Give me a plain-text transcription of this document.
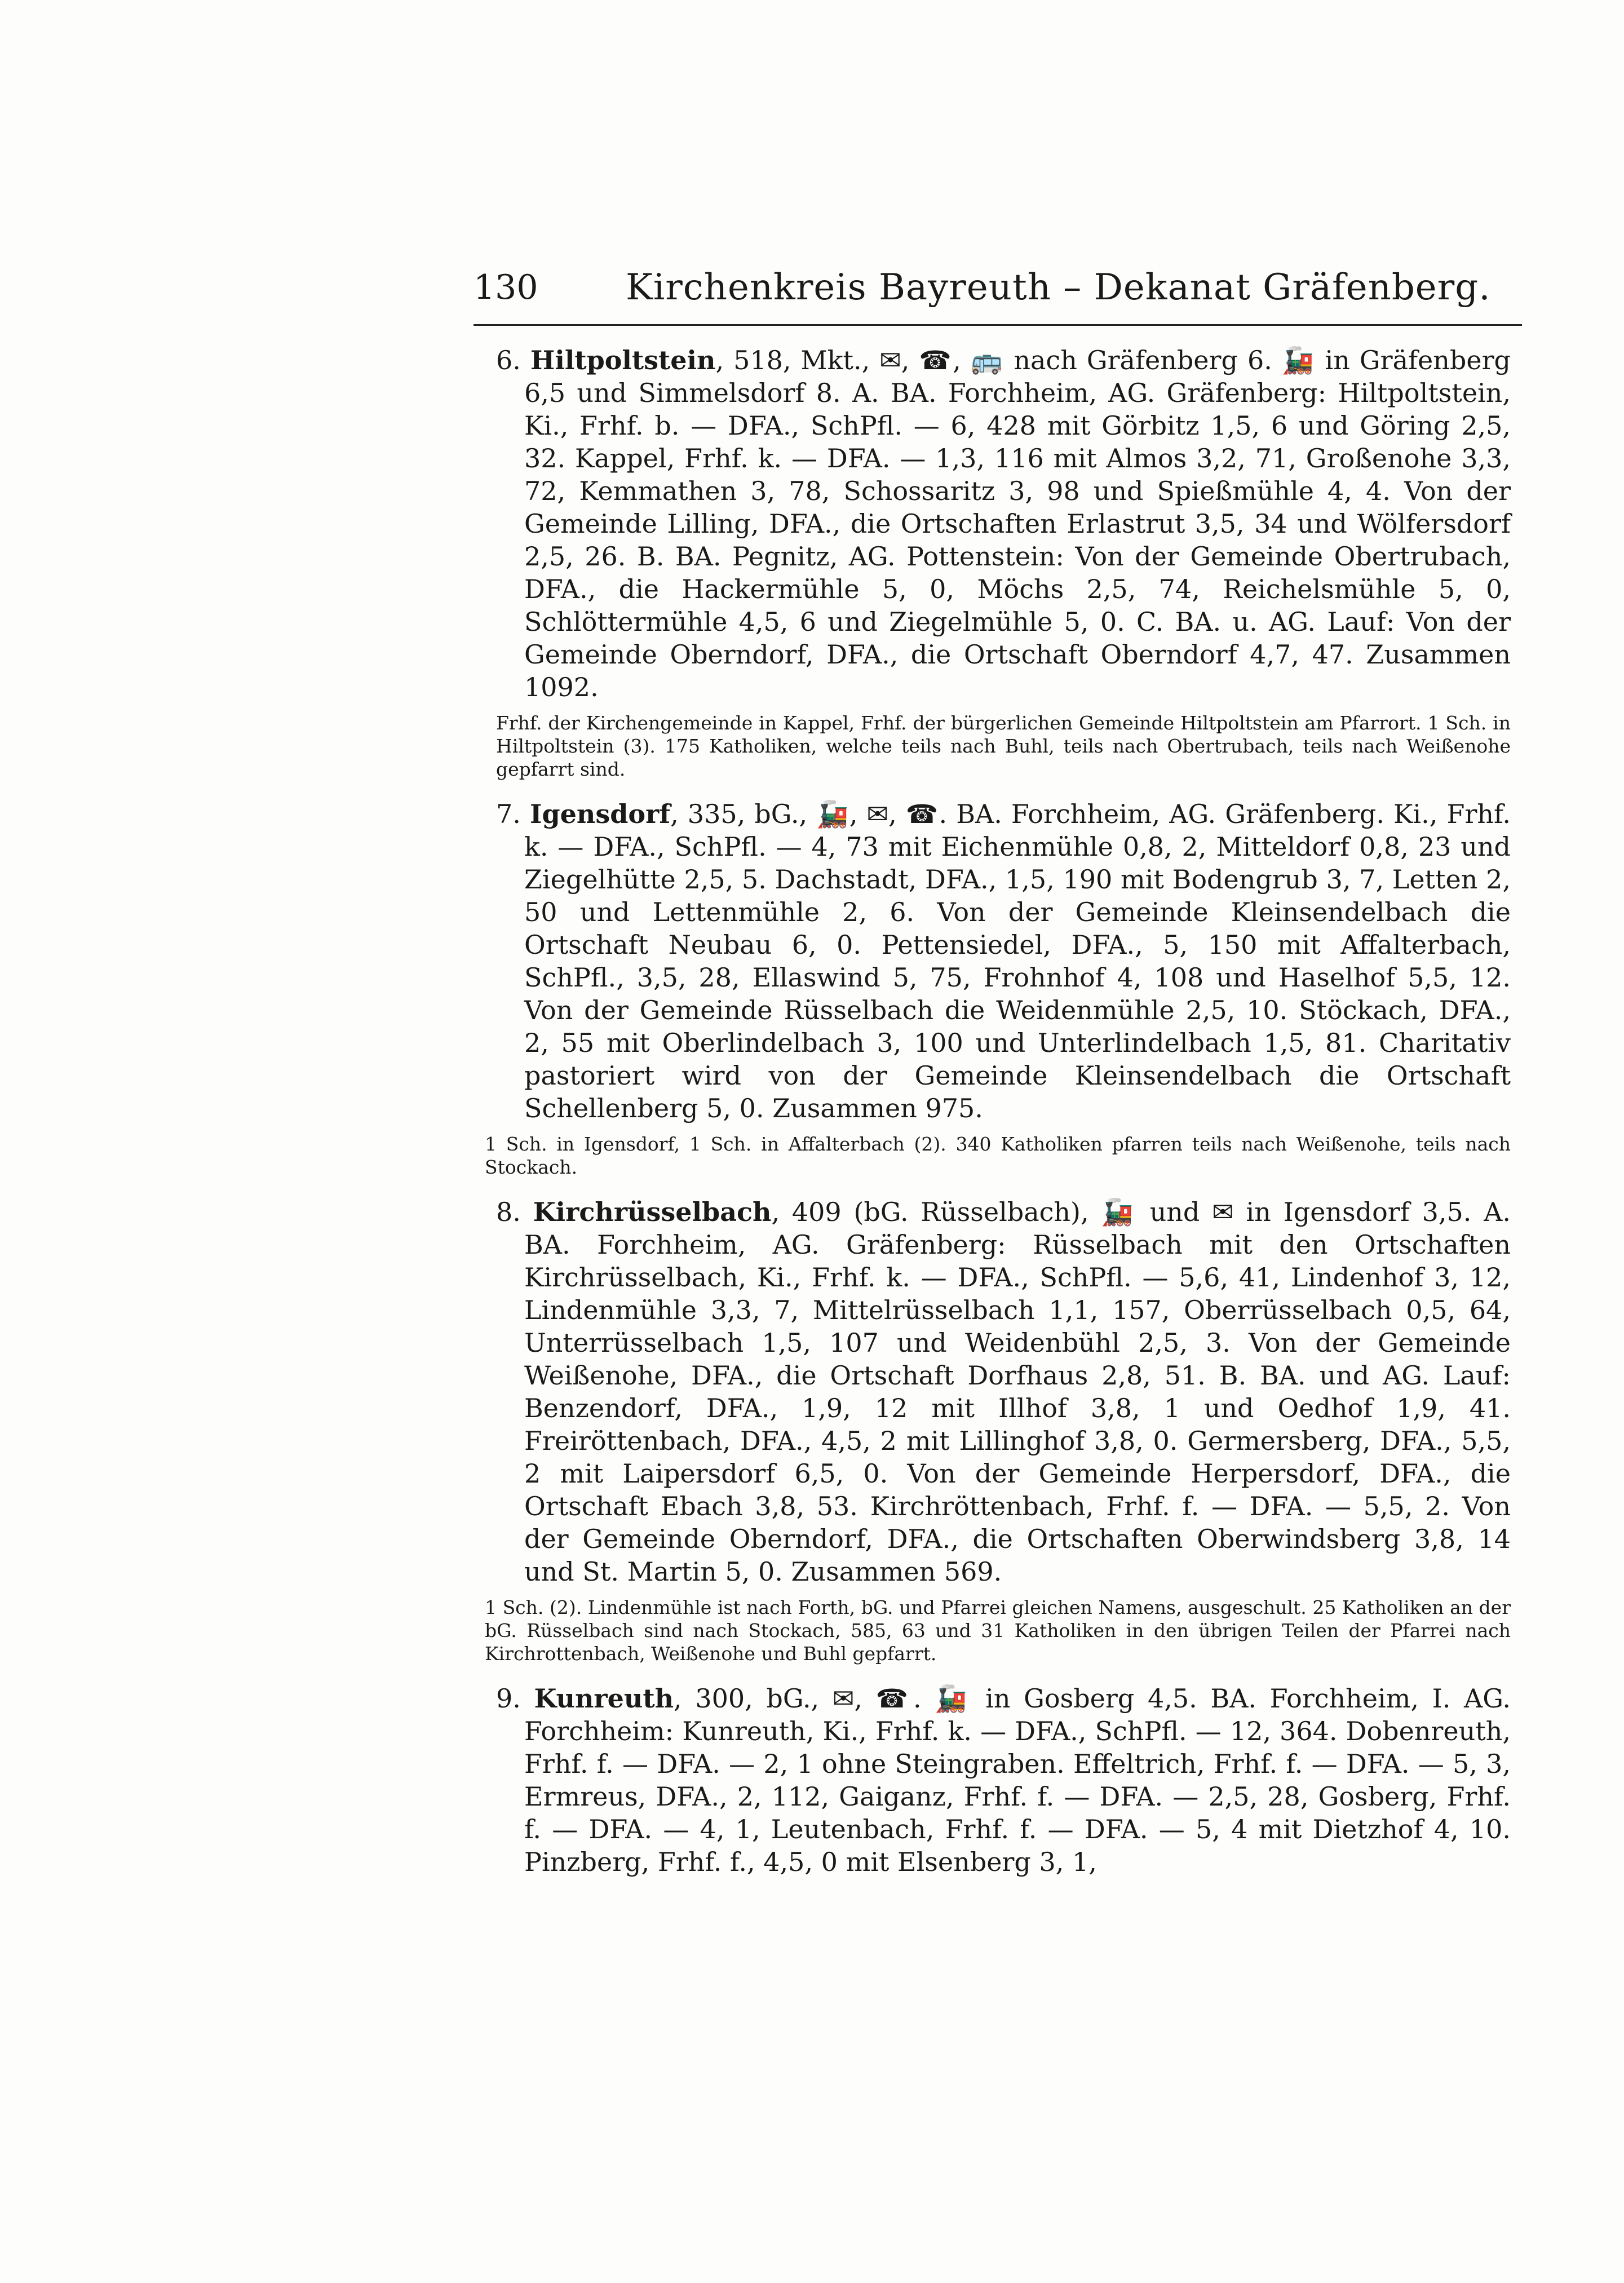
130 Kirchenkreis Bayreuth – Dekanat Gräfenberg.

6. Hiltpoltstein, 518, Mkt., ✉, ☎, 🚌 nach Gräfenberg 6. 🚂 in Gräfenberg 6,5 und Simmelsdorf 8. A. BA. Forchheim, AG. Gräfenberg: Hiltpoltstein, Ki., Frhf. b. — DFA., SchPfl. — 6, 428 mit Görbitz 1,5, 6 und Göring 2,5, 32. Kappel, Frhf. k. — DFA. — 1,3, 116 mit Almos 3,2, 71, Großenohe 3,3, 72, Kemmathen 3, 78, Schossaritz 3, 98 und Spießmühle 4, 4. Von der Gemeinde Lilling, DFA., die Ortschaften Erlastrut 3,5, 34 und Wölfersdorf 2,5, 26. B. BA. Pegnitz, AG. Pottenstein: Von der Gemeinde Obertrubach, DFA., die Hackermühle 5, 0, Möchs 2,5, 74, Reichelsmühle 5, 0, Schlöttermühle 4,5, 6 und Ziegelmühle 5, 0. C. BA. u. AG. Lauf: Von der Gemeinde Oberndorf, DFA., die Ortschaft Oberndorf 4,7, 47. Zusammen 1092.

Frhf. der Kirchengemeinde in Kappel, Frhf. der bürgerlichen Gemeinde Hiltpoltstein am Pfarrort. 1 Sch. in Hiltpoltstein (3). 175 Katholiken, welche teils nach Buhl, teils nach Obertrubach, teils nach Weißenohe gepfarrt sind.

7. Igensdorf, 335, bG., 🚂, ✉, ☎. BA. Forchheim, AG. Gräfenberg. Ki., Frhf. k. — DFA., SchPfl. — 4, 73 mit Eichenmühle 0,8, 2, Mitteldorf 0,8, 23 und Ziegelhütte 2,5, 5. Dachstadt, DFA., 1,5, 190 mit Bodengrub 3, 7, Letten 2, 50 und Lettenmühle 2, 6. Von der Gemeinde Kleinsendelbach die Ortschaft Neubau 6, 0. Pettensiedel, DFA., 5, 150 mit Affalterbach, SchPfl., 3,5, 28, Ellaswind 5, 75, Frohnhof 4, 108 und Haselhof 5,5, 12. Von der Gemeinde Rüsselbach die Weidenmühle 2,5, 10. Stöckach, DFA., 2, 55 mit Oberlindelbach 3, 100 und Unterlindelbach 1,5, 81. Charitativ pastoriert wird von der Gemeinde Kleinsendelbach die Ortschaft Schellenberg 5, 0. Zusammen 975.

1 Sch. in Igensdorf, 1 Sch. in Affalterbach (2). 340 Katholiken pfarren teils nach Weißenohe, teils nach Stockach.

8. Kirchrüsselbach, 409 (bG. Rüsselbach), 🚂 und ✉ in Igensdorf 3,5. A. BA. Forchheim, AG. Gräfenberg: Rüsselbach mit den Ortschaften Kirchrüsselbach, Ki., Frhf. k. — DFA., SchPfl. — 5,6, 41, Lindenhof 3, 12, Lindenmühle 3,3, 7, Mittelrüsselbach 1,1, 157, Oberrüsselbach 0,5, 64, Unterrüsselbach 1,5, 107 und Weidenbühl 2,5, 3. Von der Gemeinde Weißenohe, DFA., die Ortschaft Dorfhaus 2,8, 51. B. BA. und AG. Lauf: Benzendorf, DFA., 1,9, 12 mit Illhof 3,8, 1 und Oedhof 1,9, 41. Freiröttenbach, DFA., 4,5, 2 mit Lillinghof 3,8, 0. Germersberg, DFA., 5,5, 2 mit Laipersdorf 6,5, 0. Von der Gemeinde Herpersdorf, DFA., die Ortschaft Ebach 3,8, 53. Kirchröttenbach, Frhf. f. — DFA. — 5,5, 2. Von der Gemeinde Oberndorf, DFA., die Ortschaften Oberwindsberg 3,8, 14 und St. Martin 5, 0. Zusammen 569.

1 Sch. (2). Lindenmühle ist nach Forth, bG. und Pfarrei gleichen Namens, ausgeschult. 25 Katholiken an der bG. Rüsselbach sind nach Stockach, 585, 63 und 31 Katholiken in den übrigen Teilen der Pfarrei nach Kirchrottenbach, Weißenohe und Buhl gepfarrt.

9. Kunreuth, 300, bG., ✉, ☎. 🚂 in Gosberg 4,5. BA. Forchheim, I. AG. Forchheim: Kunreuth, Ki., Frhf. k. — DFA., SchPfl. — 12, 364. Dobenreuth, Frhf. f. — DFA. — 2, 1 ohne Steingraben. Effeltrich, Frhf. f. — DFA. — 5, 3, Ermreus, DFA., 2, 112, Gaiganz, Frhf. f. — DFA. — 2,5, 28, Gosberg, Frhf. f. — DFA. — 4, 1, Leutenbach, Frhf. f. — DFA. — 5, 4 mit Dietzhof 4, 10. Pinzberg, Frhf. f., 4,5, 0 mit Elsenberg 3, 1,
